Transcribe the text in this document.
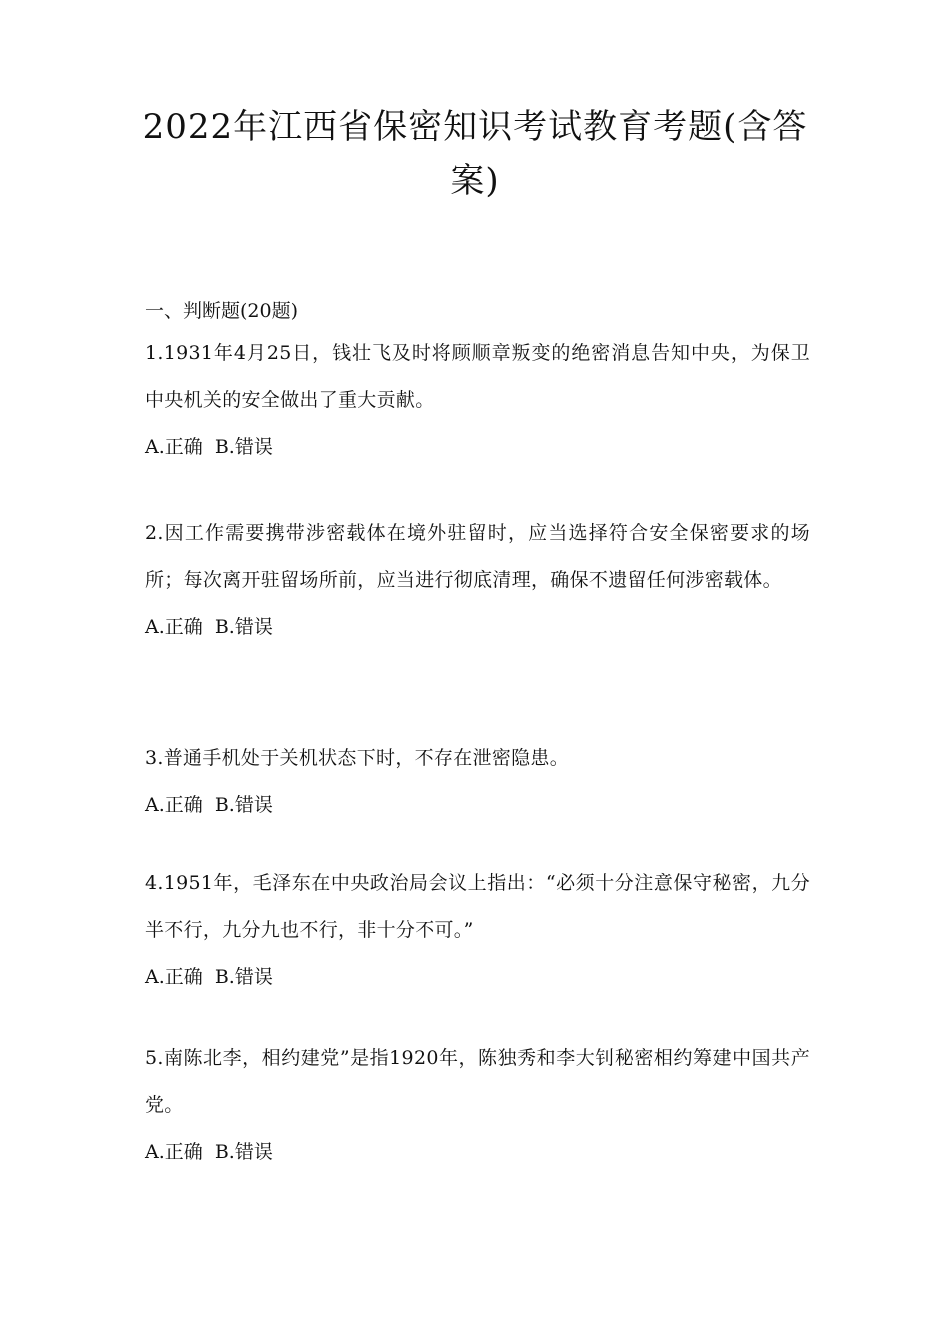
2022年江西省保密知识考试教育考题(含答案)

一、判断题(20题)

1.1931年4月25日，钱壮飞及时将顾顺章叛变的绝密消息告知中央，为保卫中央机关的安全做出了重大贡献。

A.正确 B.错误

2.因工作需要携带涉密载体在境外驻留时，应当选择符合安全保密要求的场所；每次离开驻留场所前，应当进行彻底清理，确保不遗留任何涉密载体。

A.正确 B.错误

3.普通手机处于关机状态下时，不存在泄密隐患。

A.正确 B.错误

4.1951年，毛泽东在中央政治局会议上指出：“必须十分注意保守秘密，九分半不行，九分九也不行，非十分不可。”

A.正确 B.错误

5.南陈北李，相约建党”是指1920年，陈独秀和李大钊秘密相约筹建中国共产党。

A.正确 B.错误
